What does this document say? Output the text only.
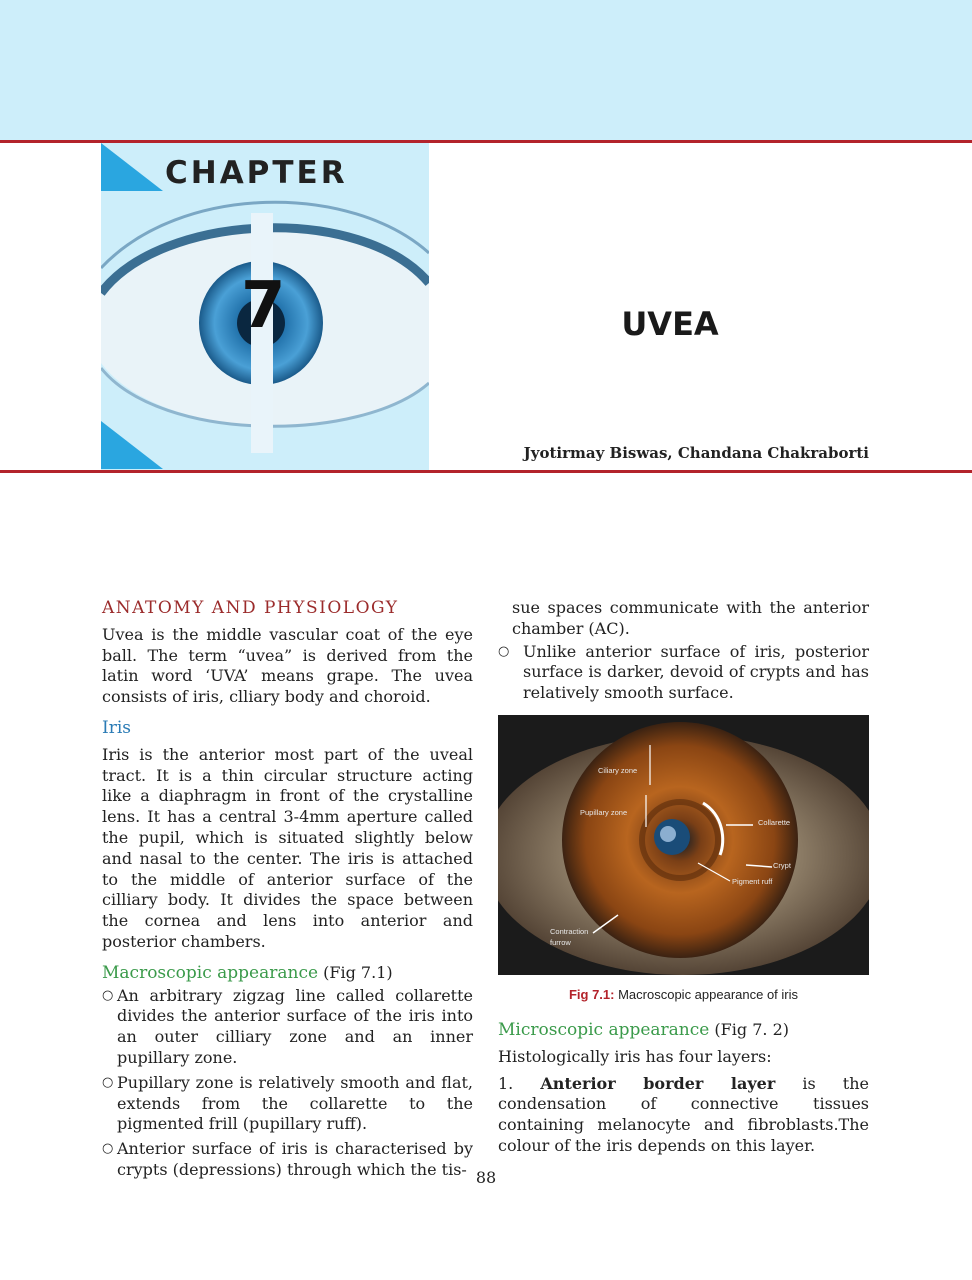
CHAPTER
7	UVEA
Jyotirmay Biswas, Chandana Chakraborti
ANATOMY AND PHYSIOLOGY

Uvea is the middle vascular coat of the eye ball. The term “uvea” is derived from the latin word ‘UVA’ means grape. The uvea consists of iris, clliary body and choroid.

Iris

Iris is the anterior most part of the uveal tract. It is a thin circular structure acting like a diaphragm in front of the crystalline lens. It has a central 3-4mm aperture called the pupil, which is situated slightly below and nasal to the center. The iris is attached to the middle of anterior surface of the cilliary body. It divides the space between the cornea and lens into anterior and posterior chambers.

Macroscopic appearance (Fig 7.1)
○ An arbitrary zigzag line called collarette divides the anterior surface of the iris into an outer cilliary zone and an inner pupillary zone.
○ Pupillary zone is relatively smooth and flat, extends from the collarette to the pigmented frill (pupillary ruff).
○ Anterior surface of iris is characterised by crypts (depressions) through which the tis-

sue spaces communicate with the anterior chamber (AC).

○ Unlike anterior surface of iris, posterior surface is darker, devoid of crypts and has relatively smooth surface.
Ciliary zone
Pupillary zone
Collarette
Crypt
Pigment ruff
Contraction
furrow
Fig 7.1: Macroscopic appearance of iris
Microscopic appearance (Fig 7. 2)

Histologically iris has four layers:

1. Anterior border layer is the condensation of connective tissues containing melanocyte and fibroblasts.The colour of the iris depends on this layer.

88
